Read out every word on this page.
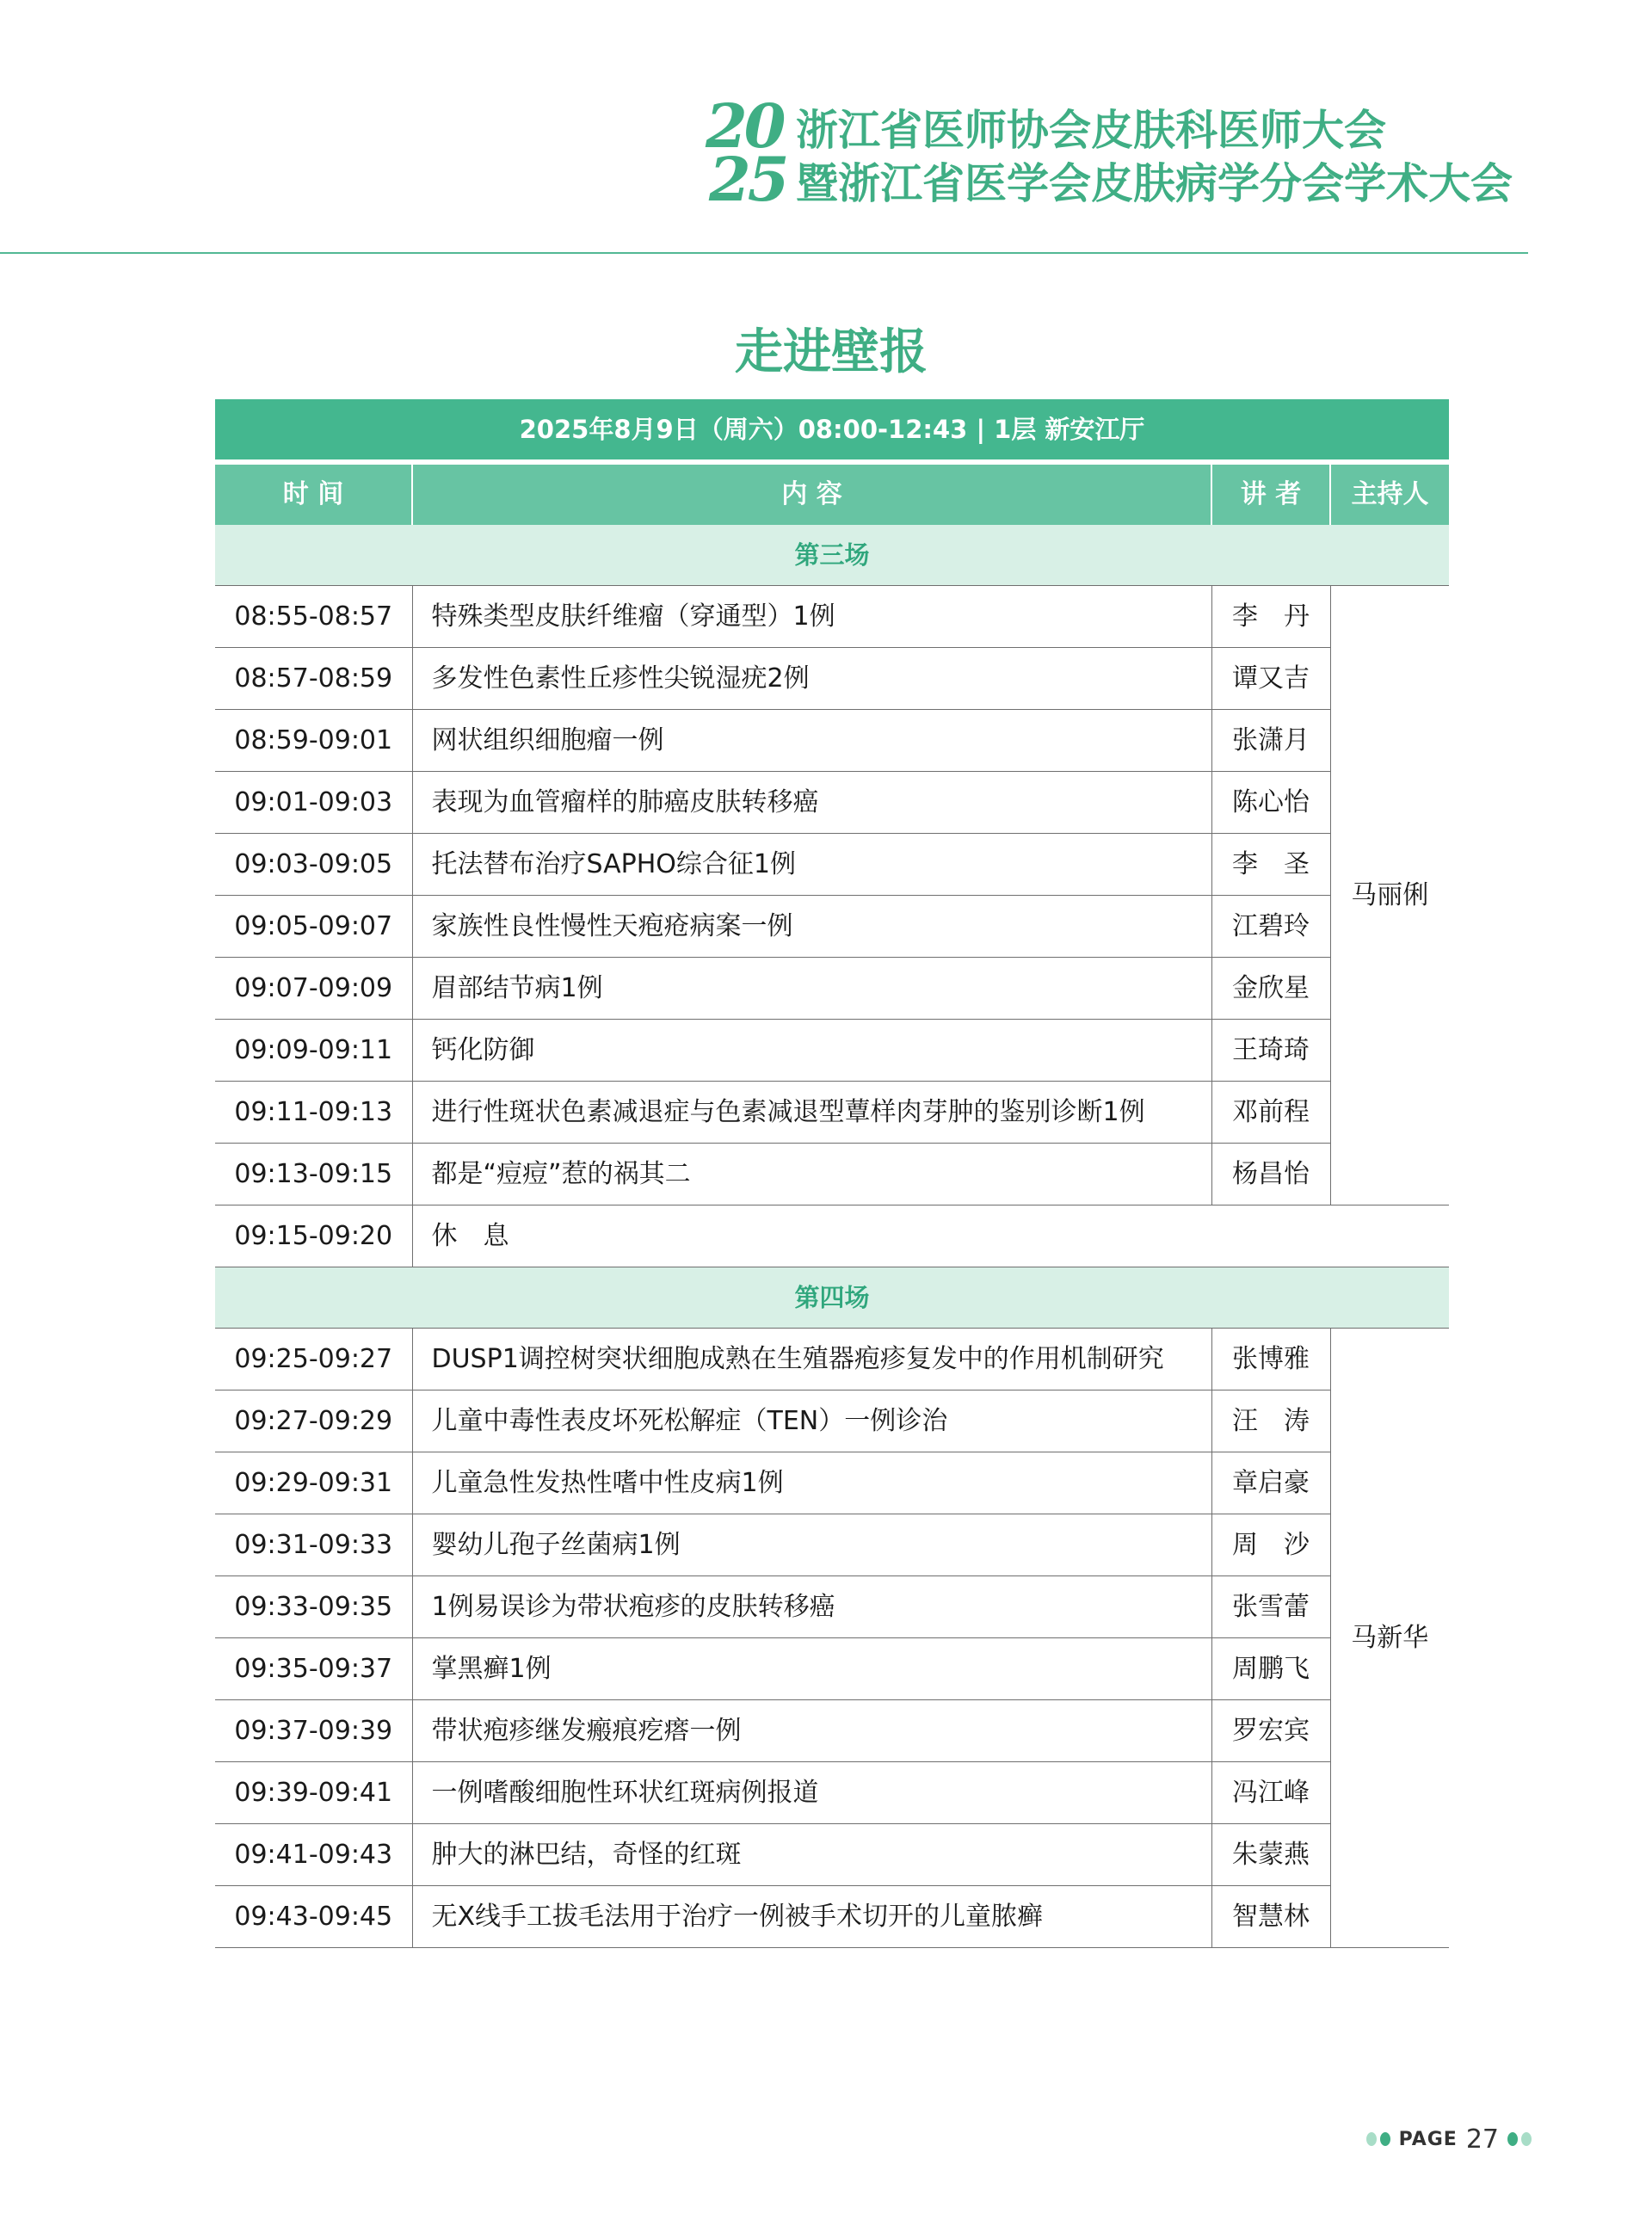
20
25
浙江省医师协会皮肤科医师大会
暨浙江省医学会皮肤病学分会学术大会
走进壁报
2025年8月9日（周六）08:00-12:43 | 1层 新安江厅			

时 间	内 容	讲 者	主持人
第三场			
08:55-08:57	特殊类型皮肤纤维瘤（穿通型）1例	李　丹	马丽俐
08:57-08:59	多发性色素性丘疹性尖锐湿疣2例	谭又吉	
08:59-09:01	网状组织细胞瘤一例	张潇月	
09:01-09:03	表现为血管瘤样的肺癌皮肤转移癌	陈心怡	
09:03-09:05	托法替布治疗SAPHO综合征1例	李　圣	
09:05-09:07	家族性良性慢性天疱疮病案一例	江碧玲	
09:07-09:09	眉部结节病1例	金欣星	
09:09-09:11	钙化防御	王琦琦	
09:11-09:13	进行性斑状色素减退症与色素减退型蕈样肉芽肿的鉴别诊断1例	邓前程	
09:13-09:15	都是“痘痘”惹的祸其二	杨昌怡	
09:15-09:20	休　息		
第四场			
09:25-09:27	DUSP1调控树突状细胞成熟在生殖器疱疹复发中的作用机制研究	张博雅	马新华
09:27-09:29	儿童中毒性表皮坏死松解症（TEN）一例诊治	汪　涛	
09:29-09:31	儿童急性发热性嗜中性皮病1例	章启豪	
09:31-09:33	婴幼儿孢子丝菌病1例	周　沙	
09:33-09:35	1例易误诊为带状疱疹的皮肤转移癌	张雪蕾	
09:35-09:37	掌黑癣1例	周鹏飞	
09:37-09:39	带状疱疹继发瘢痕疙瘩一例	罗宏宾	
09:39-09:41	一例嗜酸细胞性环状红斑病例报道	冯江峰	
09:41-09:43	肿大的淋巴结，奇怪的红斑	朱蒙燕	
09:43-09:45	无X线手工拔毛法用于治疗一例被手术切开的儿童脓癣	智慧林	
PAGE 27
